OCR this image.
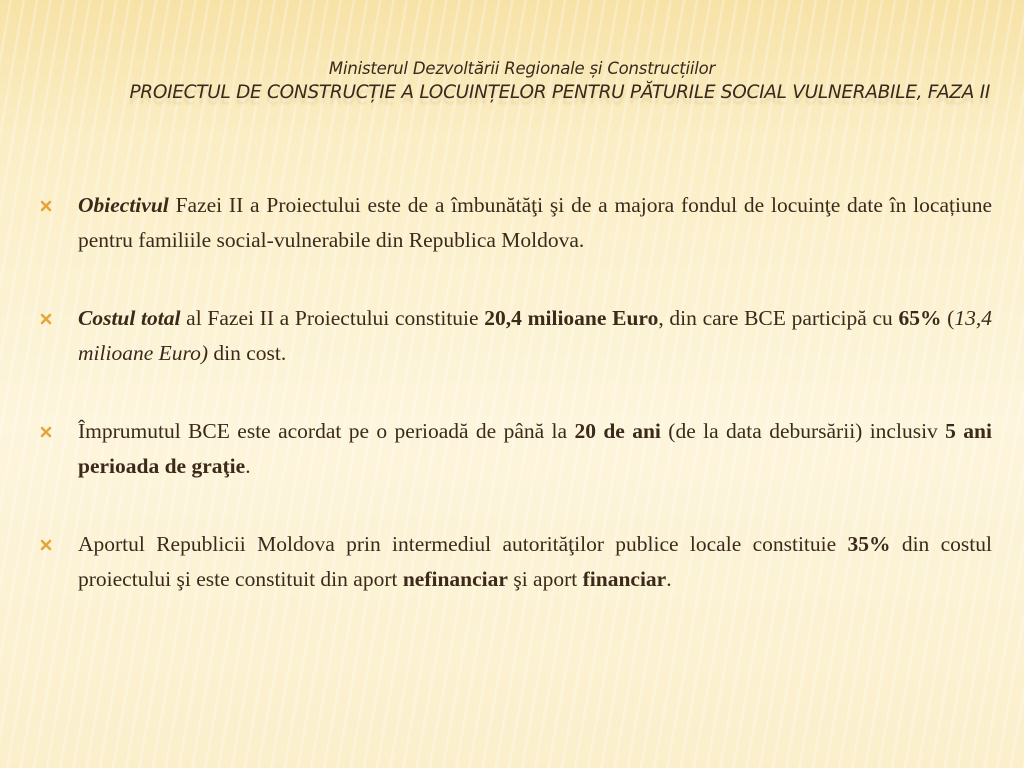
Ministerul Dezvoltării Regionale și Construcțiilor
PROIECTUL DE CONSTRUCȚIE A LOCUINȚELOR PENTRU PĂTURILE SOCIAL VULNERABILE, FAZA II
Obiectivul Fazei II a Proiectului este de a îmbunătăţi şi de a majora fondul de locuinţe date în locațiune pentru familiile social-vulnerabile din Republica Moldova.
Costul total al Fazei II a Proiectului constituie 20,4 milioane Euro, din care BCE participă cu 65% (13,4 milioane Euro) din cost.
Împrumutul BCE este acordat pe o perioadă de până la 20 de ani (de la data debursării) inclusiv 5 ani perioada de graţie.
Aportul Republicii Moldova prin intermediul autorităţilor publice locale constituie 35% din costul proiectului şi este constituit din aport nefinanciar şi aport financiar.
